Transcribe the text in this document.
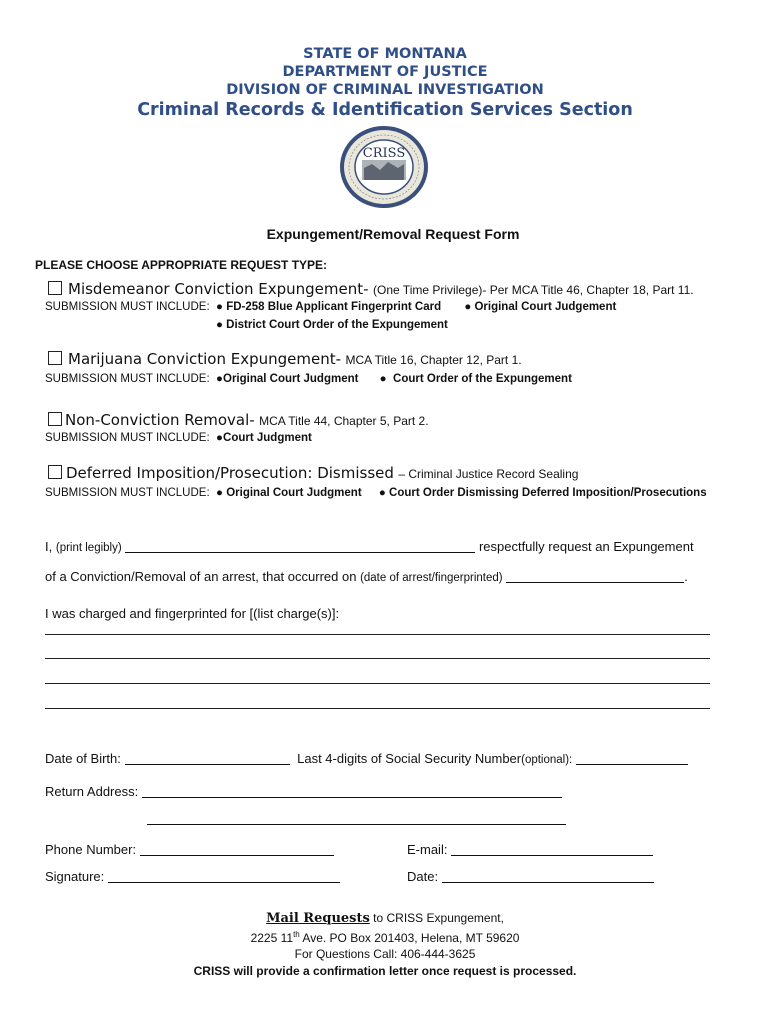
STATE OF MONTANA
DEPARTMENT OF JUSTICE
DIVISION OF CRIMINAL INVESTIGATION
Criminal Records & Identification Services Section
CRISS
Expungement/Removal Request Form
PLEASE CHOOSE APPROPRIATE REQUEST TYPE:
Misdemeanor Conviction Expungement- (One Time Privilege)- Per MCA Title 46, Chapter 18, Part 11.
SUBMISSION MUST INCLUDE:  ● FD-258 Blue Applicant Fingerprint Card ● Original Court Judgement
● District Court Order of the Expungement
Marijuana Conviction Expungement- MCA Title 16, Chapter 12, Part 1.
SUBMISSION MUST INCLUDE:  ●Original Court Judgment ●  Court Order of the Expungement
Non-Conviction Removal- MCA Title 44, Chapter 5, Part 2.
SUBMISSION MUST INCLUDE:  ●Court Judgment
Deferred Imposition/Prosecution: Dismissed – Criminal Justice Record Sealing
SUBMISSION MUST INCLUDE:  ● Original Court Judgment ● Court Order Dismissing Deferred Imposition/Prosecutions
I, (print legibly)	respectfully request an Expungement
of a Conviction/Removal of an arrest, that occurred on (date of arrest/fingerprinted)	.
I was charged and fingerprinted for [(list charge(s)]:
Date of Birth:	Last 4-digits of Social Security Number(optional):
Return Address:
Phone Number:	E-mail:
Signature:	Date:
Mail Requests to CRISS Expungement,
2225 11th Ave. PO Box 201403, Helena, MT 59620
For Questions Call: 406-444-3625
CRISS will provide a confirmation letter once request is processed.
